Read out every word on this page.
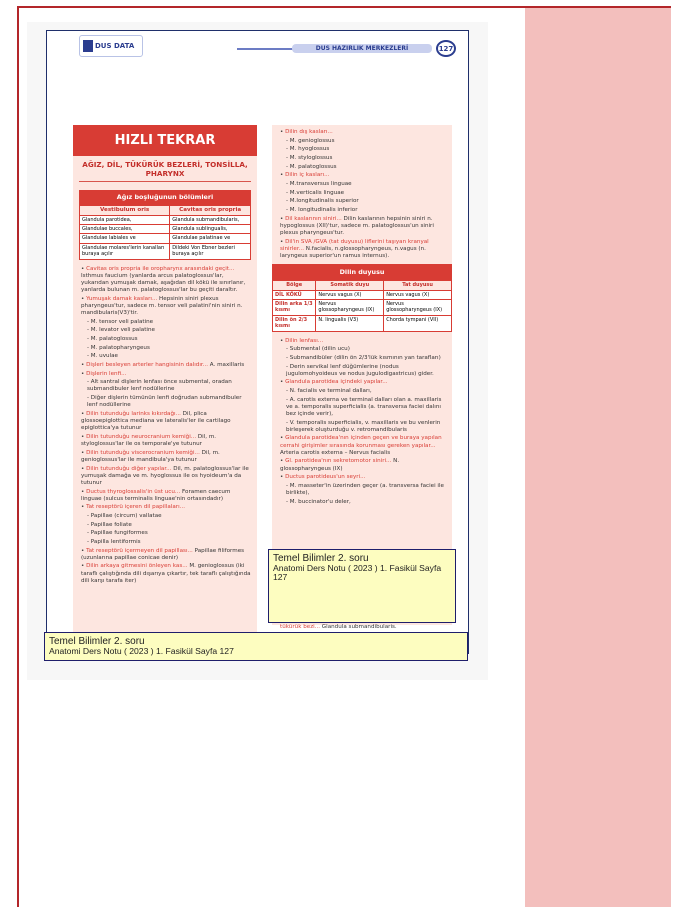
DUS DATA	DUS HAZIRLIK MERKEZLERİ	127
HIZLI TEKRAR
AĞIZ, DİL, TÜKÜRÜK BEZLERİ, TONSİLLA, PHARYNX
Ağız boşluğunun bölümleri
Vestibulum oris	Cavitas oris propria
Glandula parotidea,	Glandula submandibularis,
Glandulae buccales,	Glandula sublingualis,
Glandulae labiales ve	Glandulae palatinae ve
Glandulae molares'lerin kanalları buraya açılır	Dildeki Von Ebner bezleri buraya açılır
• Cavitas oris propria ile oropharynx arasındaki geçit... Isthmus faucium (yanlarda arcus palatoglossus'lar, yukarıdan yumuşak damak, aşağıdan dil kökü ile sınırlanır, yanlarda bulunan m. palatoglossus'lar bu geçiti daraltır.
• Yumuşak damak kasları... Hepsinin siniri plexus pharyngeus'tur, sadece m. tensor veli palatini'nin siniri n. mandibularis(V3)'tir.
- M. tensor veli palatine
- M. levator veli palatine
- M. palatoglossus
- M. palatopharyngeus
- M. uvulae
• Dişleri besleyen arterler hangisinin dalıdır... A. maxillaris
• Dişlerin lenfi...
- Alt santral dişlerin lenfası önce submental, oradan submandibuler lenf nodüllerine
- Diğer dişlerin tümünün lenfi doğrudan submandibuler lenf nodüllerine
• Dilin tutunduğu larinks kıkırdağı... Dil, plica glossoepiglottica mediana ve lateralis'ler ile cartilago epiglottica'ya tutunur
• Dilin tutunduğu neurocranium kemiği... Dil, m. styloglossus'lar ile os temporale'ye tutunur
• Dilin tutunduğu viscerocranium kemiği... Dil, m. genioglossus'lar ile mandibula'ya tutunur
• Dilin tutunduğu diğer yapılar... Dil, m. palatoglossus'lar ile yumuşak damağa ve m. hyoglossus ile os hyoideum'a da tutunur
• Ductus thyroglossalis'in üst ucu... Foramen caecum linguae (sulcus terminalis linguae'nin ortasındadır)
• Tat reseptörü içeren dil papillaları...
- Papillae (circum) vallatae
- Papillae foliate
- Papillae fungiformes
- Papilla lentiformis
• Tat reseptörü içermeyen dil papillası... Papillae filiformes (uzunlarına papillae conicae denir)
• Dilin arkaya gitmesini önleyen kas... M. genioglossus (iki taraflı çalıştığında dili dışarıya çıkartır, tek taraflı çalıştığında dili karşı tarafa iter)
• Dilin dış kasları...
- M. genioglossus
- M. hyoglossus
- M. styloglossus
- M. palatoglossus
• Dilin iç kasları...
- M.transversus linguae
- M.verticalis linguae
- M.longitudinalis superior
- M. longitudinalis inferior
• Dil kaslarının siniri... Dilin kaslarının hepsinin siniri n. hypoglossus (XII)'tur, sadece m. palatoglossus'un siniri plexus pharyngeus'tur.
• Dil'in SVA /GVA (tat duyusu) liflerini taşıyan kranyal sinirler... N.facialis, n.glossopharyngeus, n.vagus (n. laryngeus superior'un ramus internus).
Dilin duyusu
Bölge	Somatik duyu	Tat duyusu
DİL KÖKÜ	Nervus vagus (X)	Nervus vagus (X)
Dilin arka 1/3 kısmı	Nervus glossopharyngeus (IX)	Nervus glossopharyngeus (IX)
Dilin ön 2/3 kısmı	N. lingualis (V3)	Chorda tympani (VII)
• Dilin lenfası...
- Submental (dilin ucu)
- Submandibüler (dilin ön 2/3'lük kısmının yan tarafları)
- Derin servikal lenf düğümlerine (nodus jugulomohyoideus ve nodus jugulodigastricus) gider.
• Glandula parotidea içindeki yapılar...
- N. facialis ve terminal dalları,
- A. carotis externa ve terminal dalları olan a. maxillaris ve a. temporalis superficialis (a. transversa faciei dalını bez içinde verir),
- V. temporalis superficialis, v. maxillaris ve bu venlerin birleşerek oluşturduğu v. retromandibularis
• Glandula parotidea'nın içinden geçen ve buraya yapılan cerrahi girişimler sırasında korunması gereken yapılar... Arteria carotis externa – Nervus facialis
• Gl. parotidea'nın sekretomotor siniri... N. glossopharyngeus (IX)
• Ductus parotideus'un seyri...
- M. masseter'in üzerinden geçer (a. transversa faciei ile birlikte),
- M. buccinator'u deler,
tükürük bezi... Glandula submandibularis.
Temel Bilimler 2. soru
Anatomi Ders Notu ( 2023 ) 1. Fasikül Sayfa 127
Temel Bilimler 2. soru
Anatomi Ders Notu ( 2023 ) 1. Fasikül Sayfa 127
